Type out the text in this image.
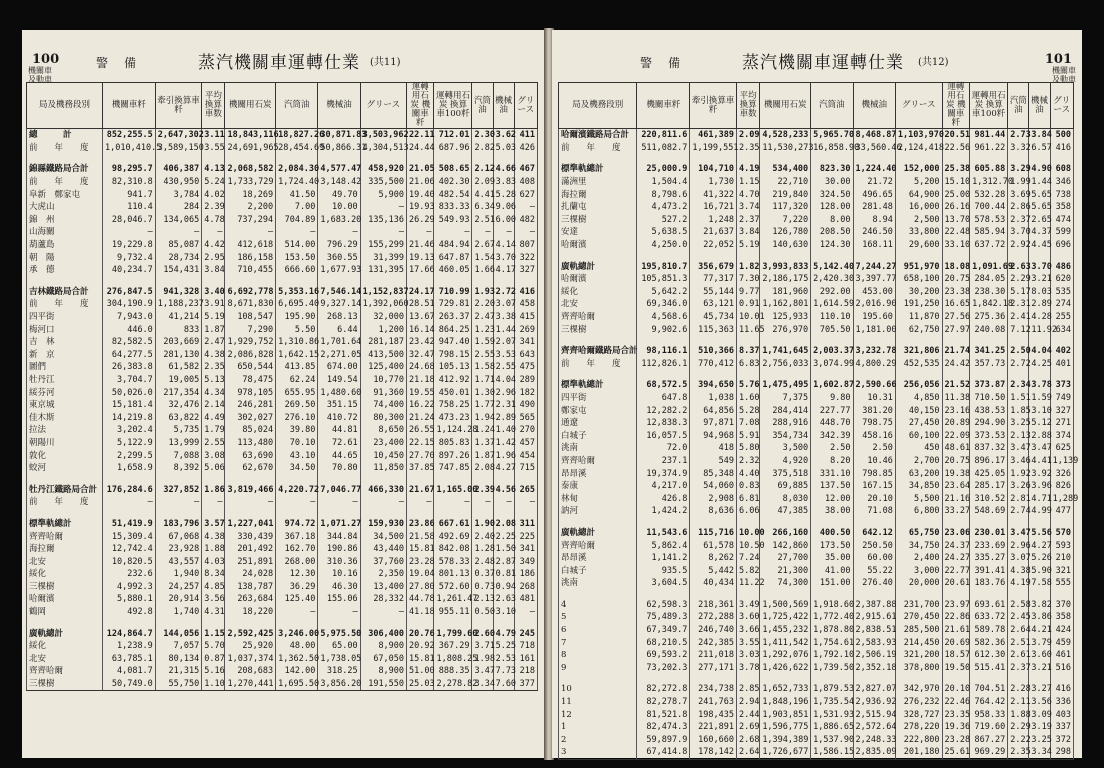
100
機關車
及動車
警　備	蒸汽機關車運轉仕業 (共11)
局及機務段別	機關車粁	牽引換算車粁	平均換算車数	機關用石炭	汽筒油	機械油	グリース	運轉用石炭 機關車粁	運轉用石炭 換算車100粁	汽筒油	機械油	グリース
總　　　計	852,255.5	2,647,302	3.11	18,843,116	18,827.26	30,871.83	3,503,962	22.11	712.01	2.30	3.62	411
前　　年　　度	1,010,410.5	3,589,150	3.55	24,691,965	28,454.69	50,866.31	4,304,513	24.44	687.96	2.82	5.03	426

錦縣鐵路局合計	98,295.7	406,387	4.13	2,068,582	2,084.30	4,577.47	458,920	21.05	508.65	2.12	4.66	467
前　　年　　度	82,310.8	430,950	5.24	1,733,729	1,724.40	3,148.42	335,500	21.06	402.30	2.09	3.83	408
阜新　鄭家屯	941.7	3,784	4.02	18,269	41.50	49.70	5,900	19.40	482.54	4.41	5.28	627
大虎山	110.4	284	2.39	2,200	7.00	10.00	—	19.93	833.33	6.34	9.06	—
錦　州	28,046.7	134,065	4.78	737,294	704.89	1,683.20	135,136	26.29	549.93	2.51	6.00	482
山海關	—	—	—	—	—	—	—	—	—	—	—	—
葫蘆島	19,229.8	85,087	4.42	412,618	514.00	796.29	155,299	21.46	484.94	2.67	4.14	807
朝　陽	9,732.4	28,734	2.95	186,158	153.50	360.55	31,399	19.13	647.87	1.54	3.70	322
承　德	40,234.7	154,431	3.84	710,455	666.60	1,677.93	131,395	17.66	460.05	1.66	4.17	327

吉林鐵路局合計	276,847.5	941,328	3.40	6,692,778	5,353.16	7,546.14	1,152,837	24.17	710.99	1.93	2.72	416
前　　年　　度	304,190.9	1,188,237	3.91	8,671,830	6,695.40	9,327.14	1,392,060	28.51	729.81	2.20	3.07	458
四平街	7,943.0	41,214	5.19	108,547	195.90	268.13	32,000	13.67	263.37	2.47	3.38	415
梅河口	446.0	833	1.87	7,290	5.50	6.44	1,200	16.14	864.25	1.23	1.44	269
吉　林	82,582.5	203,669	2.47	1,929,752	1,310.86	1,701.64	281,187	23.42	947.40	1.59	2.07	341
新　京	64,277.5	281,130	4.38	2,086,828	1,642.15	2,271.05	413,500	32.47	798.15	2.55	3.53	643
圖們	26,383.8	61,582	2.35	650,544	413.85	674.00	125,400	24.68	105.13	1.58	2.55	475
牡丹江	3,704.7	19,005	5.13	78,475	62.24	149.54	10,770	21.18	412.92	1.71	4.04	289
綏芬河	50,026.0	217,354	4.34	978,105	655.95	1,480.60	91,360	19.55	450.01	1.30	2.96	182
東京城	15,181.4	32,476	2.14	246,281	269.50	351.15	74,400	16.22	758.25	1.77	2.31	490
佳木斯	14,219.8	63,822	4.49	302,027	276.10	410.72	80,300	21.24	473.23	1.94	2.89	565
拉法	3,202.4	5,735	1.79	85,024	39.80	44.81	8,650	26.55	1,124.28	1.24	1.40	270
朝陽川	5,122.9	13,999	2.55	113,480	70.10	72.61	23,400	22.15	805.83	1.37	1.42	457
敦化	2,299.5	7,088	3.08	63,690	43.10	44.65	10,450	27.70	897.26	1.87	1.96	454
蛟河	1,658.9	8,392	5.06	62,670	34.50	70.80	11,850	37.85	747.85	2.08	4.27	715

牡丹江鐵路局合計	176,284.6	327,852	1.86	3,819,466	4,220.72	7,046.77	466,330	21.67	1,165.00	2.39	4.56	265
前　　年　　度	—	—	—	—	—	—	—	—	—	—	—	—

標準軌總計	51,419.9	183,796	3.57	1,227,041	974.72	1,071.27	159,930	23.86	667.61	1.90	2.08	311
齊齊哈爾	15,309.4	67,068	4.38	330,439	367.18	344.84	34,500	21.58	492.69	2.40	2.25	225
海拉爾	12,742.4	23,928	1.88	201,492	162.70	190.86	43,440	15.81	842.08	1.28	1.50	341
北安	10,820.5	43,557	4.03	251,891	268.00	310.36	37,760	23.28	578.33	2.48	2.87	349
綏化	232.6	1,940	8.34	24,028	12.30	10.16	2,350	19.04	801.13	0.37	0.81	186
三棵樹	4,992.3	24,257	4.85	138,787	36.29	46.30	13,400	27.80	572.60	0.73	0.94	268
哈爾濱	5,880.1	20,914	3.56	263,684	125.40	155.06	28,332	44.78	1,261.47	2.13	2.63	481
鶴岡	492.8	1,740	4.31	18,220	—	—	—	41.18	955.11	0.50	3.10	—

廣軌總計	124,864.7	144,056	1.15	2,592,425	3,246.00	5,975.50	306,400	20.76	1,799.60	2.60	4.79	245
綏化	1,238.9	7,057	5.70	25,920	48.00	65.00	8,900	20.92	367.29	3.71	5.25	718
北安	63,785.1	80,134	0.87	1,037,374	1,362.50	1,738.05	67,050	15.81	1,808.25	1.98	2.53	161
齊齊哈爾	4,081.7	21,315	5.16	208,683	142.00	318.25	8,900	51.00	888.35	3.47	7.73	218
三棵樹	50,749.0	55,750	1.10	1,270,441	1,695.50	3,856.20	191,550	25.03	2,278.82	3.34	7.60	377
101
機關車
及動車
警　備	蒸汽機關車運轉仕業 (共12)
局及機務段別	機關車粁	牽引換算車粁	平均換算車数	機關用石炭	汽筒油	機械油	グリース	運轉用石炭 機關車粁	運轉用石炭 換算車100粁	汽筒油	機械油	グリース
哈爾濱鐵路局合計	220,811.6	461,389	2.09	4,528,233	5,965.70	8,468.87	1,103,970	20.51	981.44	2.73	3.84	500
前　　年　　度	511,082.7	1,199,551	2.35	11,530,273	16,858.90	33,560.46	2,124,418	22.56	961.22	3.32	6.57	416

標準軌總計	25,000.9	104,710	4.19	534,400	823.30	1,224.40	152,000	25.38	605.88	3.29	4.90	608
滿洲里	1,504.4	1,730	1.15	22,710	30.00	21.72	5,200	15.10	1,312.70	1.99	1.44	346
海拉爾	8,798.6	41,322	4.70	219,840	324.50	496.65	64,900	25.00	532.28	3.69	5.65	738
扎蘭屯	4,473.2	16,721	3.74	117,320	128.00	281.48	16,000	26.16	700.44	2.86	5.65	358
三棵樹	527.2	1,248	2.37	7,220	8.00	8.94	2,500	13.70	578.53	2.37	2.65	474
安達	5,638.5	21,637	3.84	126,780	208.50	246.50	33,800	22.48	585.94	3.70	4.37	599
哈爾濱	4,250.0	22,052	5.19	140,630	124.30	168.11	29,600	33.10	637.72	2.92	4.45	696

廣軌總計	195,810.7	356,679	1.82	3,993,833	5,142.40	7,244.27	951,970	18.08	1,091.69	2.63	3.70	486
哈爾濱	105,851.3	77,317	7.30	2,186,175	2,420.30	3,397.77	658,100	20.75	284.05	2.29	3.21	620
綏化	5,642.2	55,144	9.77	181,960	292.00	453.00	30,200	23.38	238.30	5.17	8.03	535
北安	69,346.0	63,121	0.91	1,162,801	1,614.59	2,016.90	191,250	16.65	1,842.18	2.31	2.89	274
齊齊哈爾	4,568.6	45,734	10.01	125,933	110.10	195.60	11,870	27.56	275.36	2.41	4.28	255
三棵樹	9,902.6	115,363	11.65	276,970	705.50	1,181.00	62,750	27.97	240.08	7.12	11.92	634

齊齊哈爾鐵路局合計	98,116.1	510,366	8.37	1,741,645	2,003.37	3,232.78	321,806	21.74	341.25	2.50	4.04	402
前　　年　　度	112,826.1	770,412	6.83	2,756,033	3,074.99	4,800.29	452,535	24.42	357.73	2.72	4.25	401

標準軌總計	68,572.5	394,650	5.76	1,475,495	1,602.87	2,590.66	256,056	21.52	373.87	2.34	3.78	373
四平街	647.8	1,038	1.60	7,375	9.80	10.31	4,850	11.38	710.50	1.51	1.59	749
鄭家屯	12,282.2	64,856	5.28	284,414	227.77	381.20	40,150	23.16	438.53	1.85	3.10	327
通遼	12,838.3	97,871	7.08	288,916	448.70	798.75	27,450	20.89	294.90	3.25	5.12	271
白城子	16,057.5	94,968	5.91	354,734	342.39	458.16	60,100	22.09	373.53	2.13	2.88	374
洮南	72.0	418	5.80	3,500	2.50	2.50	450	48.61	837.32	3.47	3.47	625
齊齊哈爾	237.1	549	2.32	4,920	8.20	10.46	2,700	20.75	896.17	3.46	4.41	1,139
昂昂溪	19,374.9	85,348	4.40	375,518	331.10	798.85	63,200	19.38	425.05	1.92	3.92	326
泰康	4,217.0	54,060	0.83	69,885	137.50	167.15	34,850	23.64	285.17	3.26	3.96	826
林甸	426.8	2,908	6.81	8,030	12.00	20.10	5,500	21.16	310.52	2.81	4.71	1,289
訥河	1,424.2	8,636	6.06	47,385	38.00	71.08	6,800	33.27	548.69	2.74	4.99	477

廣軌總計	11,543.6	115,716	10.00	266,160	400.50	642.12	65,750	23.06	230.01	3.47	5.56	570
齊齊哈爾	5,862.4	61,578	10.50	142,860	173.50	250.50	34,750	24.37	233.69	2.96	4.27	593
昂昂溪	1,141.2	8,262	7.24	27,700	35.00	60.00	2,400	24.27	335.27	3.07	5.26	210
白城子	935.5	5,442	5.82	21,300	41.00	55.22	3,000	22.77	391.41	4.38	5.90	321
洮南	3,604.5	40,434	11.22	74,300	151.00	276.40	20,000	20.61	183.76	4.19	7.58	555

4	62,598.3	218,361	3.49	1,500,569	1,918.60	2,387.88	231,700	23.97	693.61	2.58	3.82	370
5	75,489.3	272,288	3.60	1,725,422	1,772.40	2,915.61	270,450	22.86	633.72	2.45	3.86	358
6	67,349.7	246,740	3.66	1,455,232	1,878.80	2,838.51	285,500	21.61	589.78	2.64	4.21	424
7	68,210.5	242,385	3.55	1,411,542	1,754.61	2,583.93	214,450	20.69	582.36	2.51	3.79	459
8	69,593.2	211,018	3.03	1,292,076	1,792.10	2,506.19	321,200	18.57	612.30	2.61	3.60	461
9	73,202.3	277,171	3.78	1,426,622	1,739.50	2,352.18	378,800	19.50	515.41	2.37	3.21	516

10	82,272.8	234,738	2.85	1,652,733	1,879.53	2,827.07	342,970	20.10	704.51	2.28	3.27	416
11	82,278.7	241,763	2.94	1,848,196	1,735.54	2,936.92	276,232	22.46	764.42	2.11	3.56	336
12	81,521.8	198,435	2.44	1,903,851	1,531.93	2,515.94	328,727	23.35	958.33	1.88	3.09	403
1	82,474.3	221,891	2.69	1,596,775	1,886.65	2,572.64	278,220	19.36	719.60	2.29	3.19	337
2	59,897.9	160,660	2.68	1,394,389	1,537.90	2,248.33	222,800	23.28	867.27	2.22	3.25	372
3	67,414.8	178,142	2.64	1,726,677	1,586.15	2,835.09	201,180	25.61	969.29	2.35	3.34	298
